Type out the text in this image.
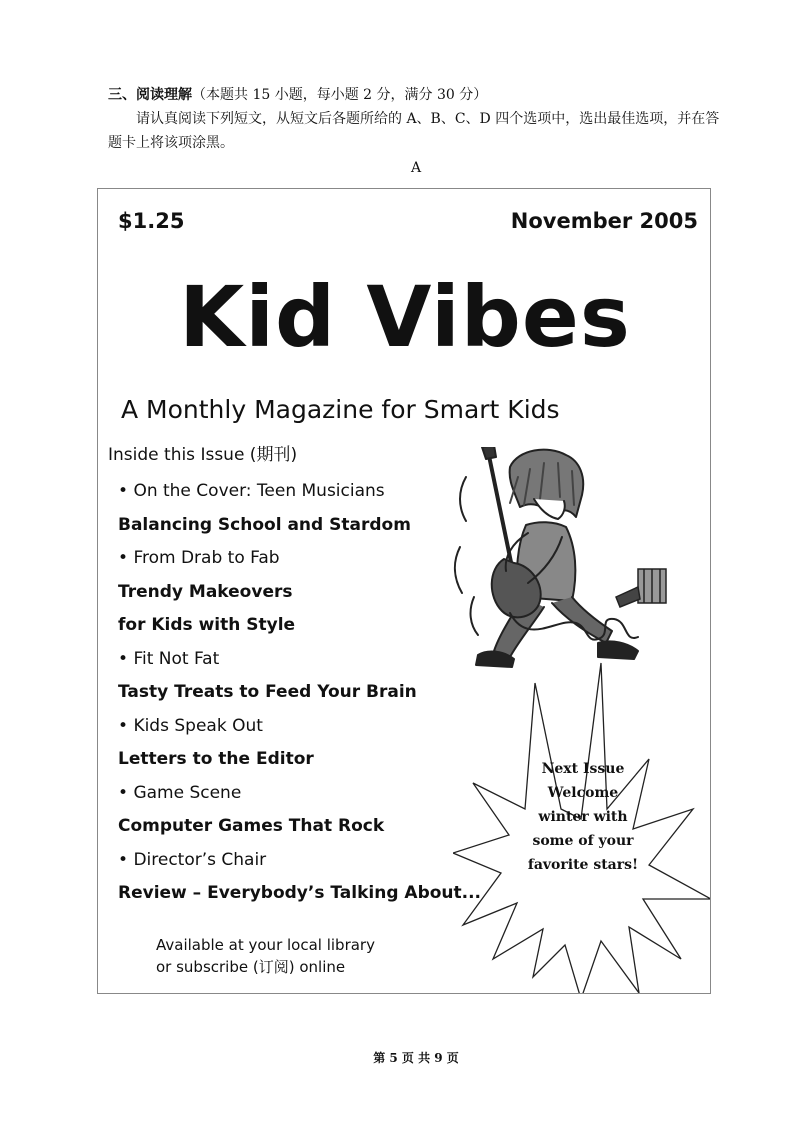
三、阅读理解（本题共 15 小题，每小题 2 分，满分 30 分）
请认真阅读下列短文，从短文后各题所给的 A、B、C、D 四个选项中，选出最佳选项，并在答题卡上将该项涂黑。
A
$1.25	November 2005
Kid Vibes
A Monthly Magazine for Smart Kids
Inside this Issue (期刊)
• On the Cover: Teen Musicians
Balancing School and Stardom
• From Drab to Fab
Trendy Makeovers
for Kids with Style
• Fit Not Fat
Tasty Treats to Feed Your Brain
• Kids Speak Out
Letters to the Editor
• Game Scene
Computer Games That Rock
• Director’s Chair
Review – Everybody’s Talking About...
Available at your local library
or subscribe (订阅) online
Next Issue
Welcome
winter with
some of your
favorite stars!
第 5 页 共 9 页
